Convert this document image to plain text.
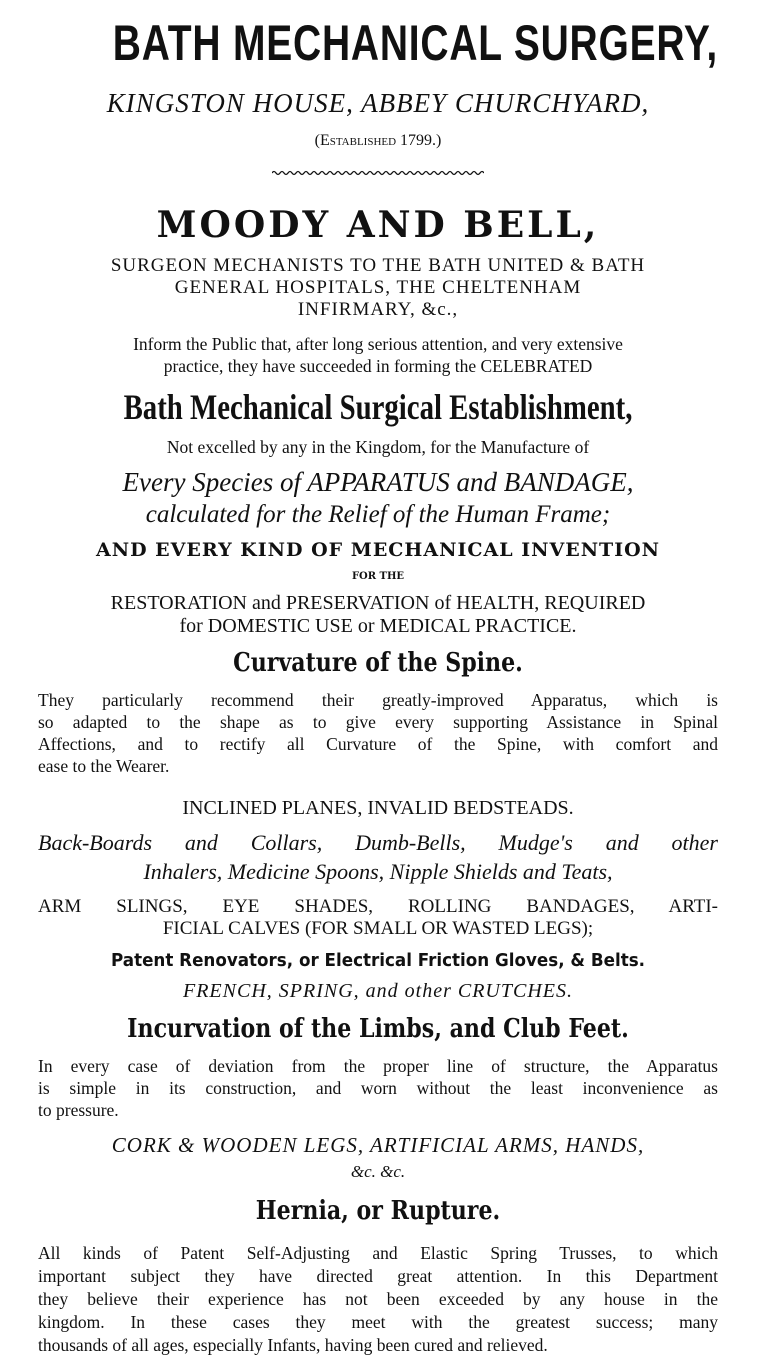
BATH MECHANICAL SURGERY,
KINGSTON HOUSE, ABBEY CHURCHYARD,
(Established 1799.)
MOODY AND BELL,
SURGEON MECHANISTS TO THE BATH UNITED & BATH
GENERAL HOSPITALS, THE CHELTENHAM
INFIRMARY, &c.,
Inform the Public that, after long serious attention, and very extensive
practice, they have succeeded in forming the CELEBRATED
Bath Mechanical Surgical Establishment,
Not excelled by any in the Kingdom, for the Manufacture of
Every Species of APPARATUS and BANDAGE,
calculated for the Relief of the Human Frame;
AND EVERY KIND OF MECHANICAL INVENTION
FOR THE
RESTORATION and PRESERVATION of HEALTH, REQUIRED
for DOMESTIC USE or MEDICAL PRACTICE.
Curvature of the Spine.
They particularly recommend their greatly-improved Apparatus, which is
so adapted to the shape as to give every supporting Assistance in Spinal
Affections, and to rectify all Curvature of the Spine, with comfort and
ease to the Wearer.
INCLINED PLANES, INVALID BEDSTEADS.
Back-Boards and Collars, Dumb-Bells, Mudge's and other
Inhalers, Medicine Spoons, Nipple Shields and Teats,
ARM SLINGS, EYE SHADES, ROLLING BANDAGES, ARTI-
FICIAL CALVES (FOR SMALL OR WASTED LEGS);
Patent Renovators, or Electrical Friction Gloves, & Belts.
FRENCH, SPRING, and other CRUTCHES.
Incurvation of the Limbs, and Club Feet.
In every case of deviation from the proper line of structure, the Apparatus
is simple in its construction, and worn without the least inconvenience as
to pressure.
CORK & WOODEN LEGS, ARTIFICIAL ARMS, HANDS,
&c. &c.
Hernia, or Rupture.
All kinds of Patent Self-Adjusting and Elastic Spring Trusses, to which
important subject they have directed great attention. In this Department
they believe their experience has not been exceeded by any house in the
kingdom. In these cases they meet with the greatest success; many
thousands of all ages, especially Infants, having been cured and relieved.
